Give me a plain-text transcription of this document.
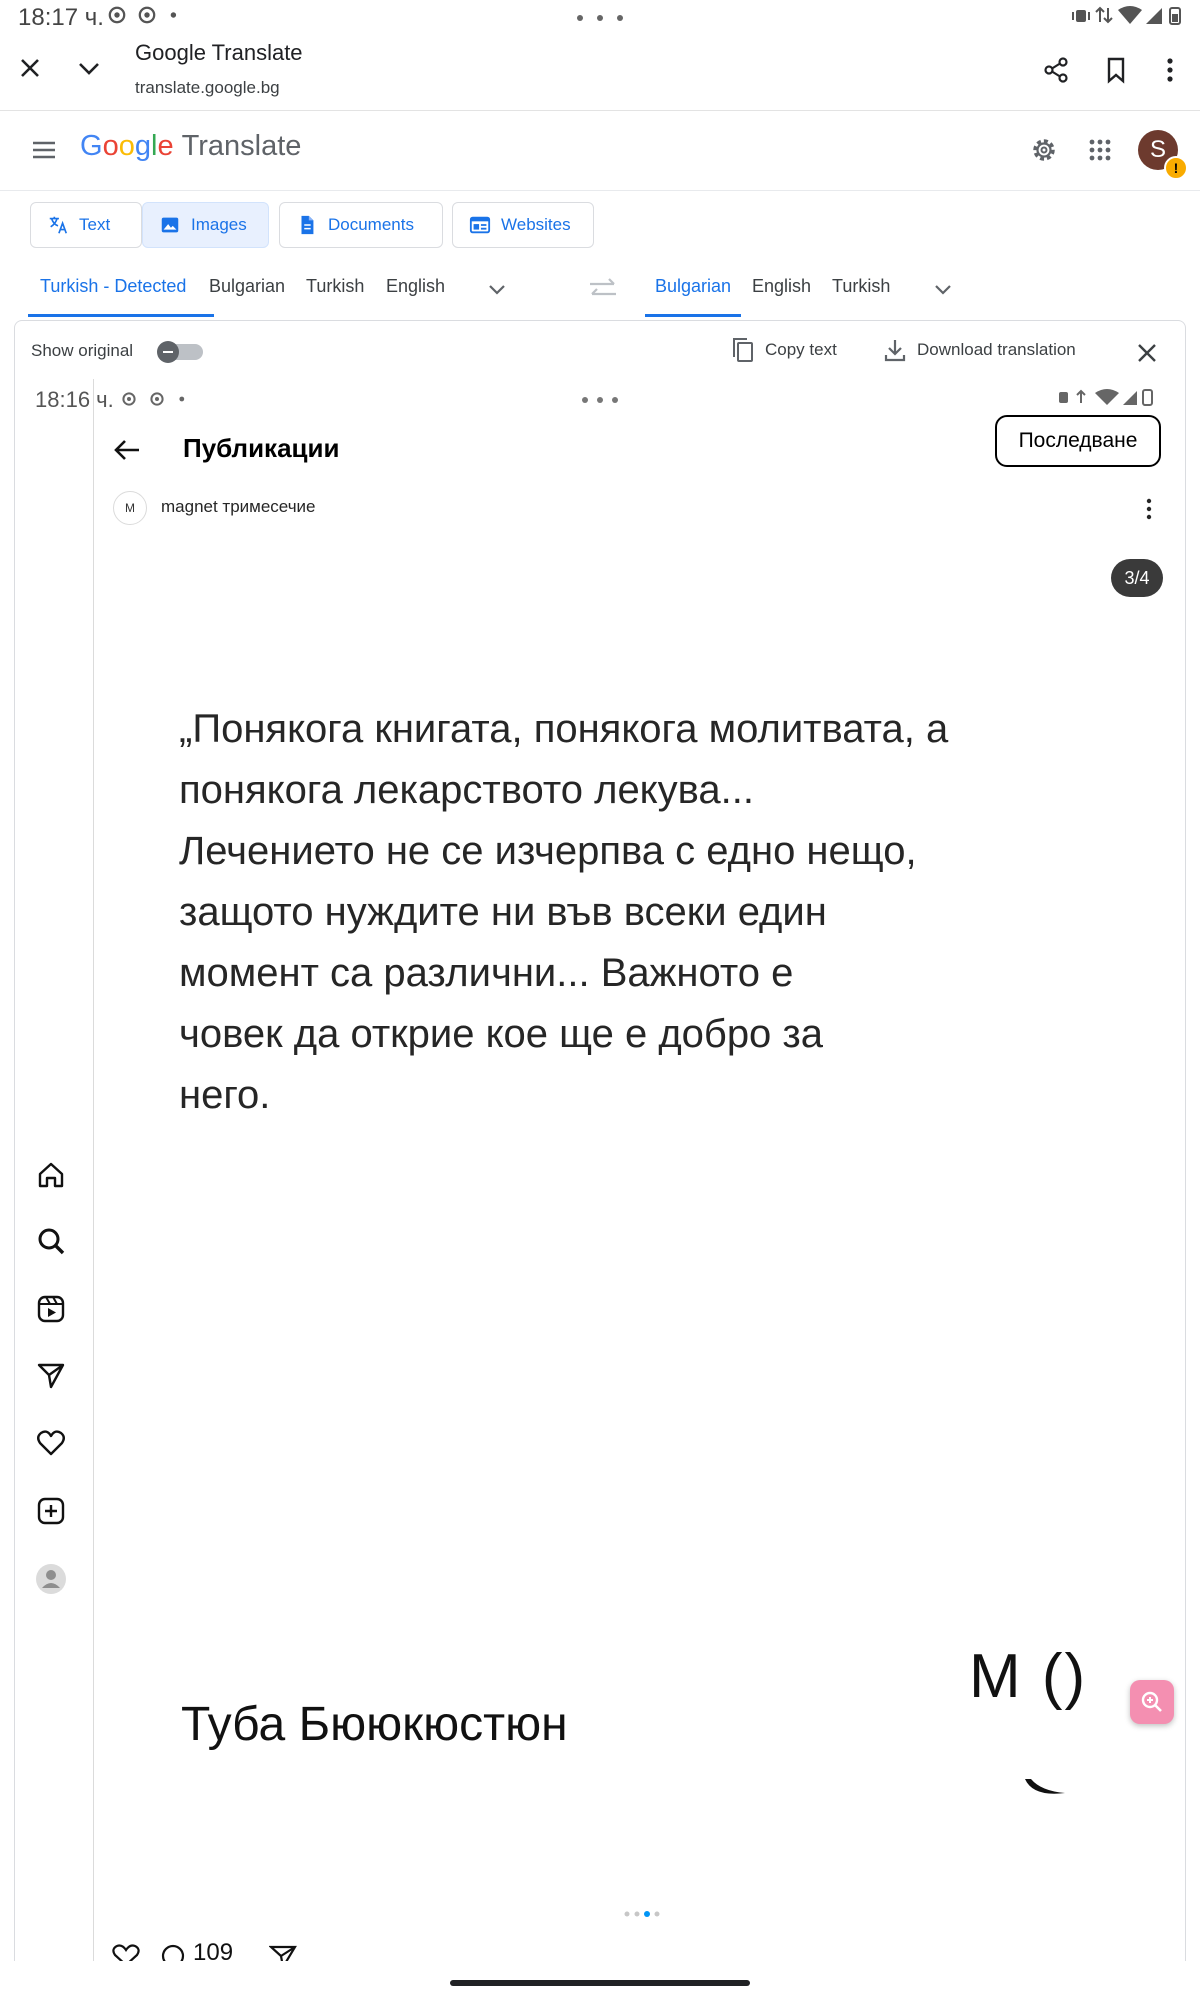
18:17 ч.
Google Translate
translate.google.bg
Google Translate	S
!
Text	Images	Documents	Websites
Turkish - Detected Bulgarian Turkish English	Bulgarian English Turkish
Show original	Copy text	Download translation
18:16 ч.
Публикации	Последване
M	magnet тримесечие
3/4
„Понякога книгата, понякога молитвата, а
понякога лекарството лекува...
Лечението не се изчерпва с едно нещо,
защото нуждите ни във всеки един
момент са различни... Важното е
човек да открие кое ще е добро за
него.
M ()
Туба Бююкюстюн
109
